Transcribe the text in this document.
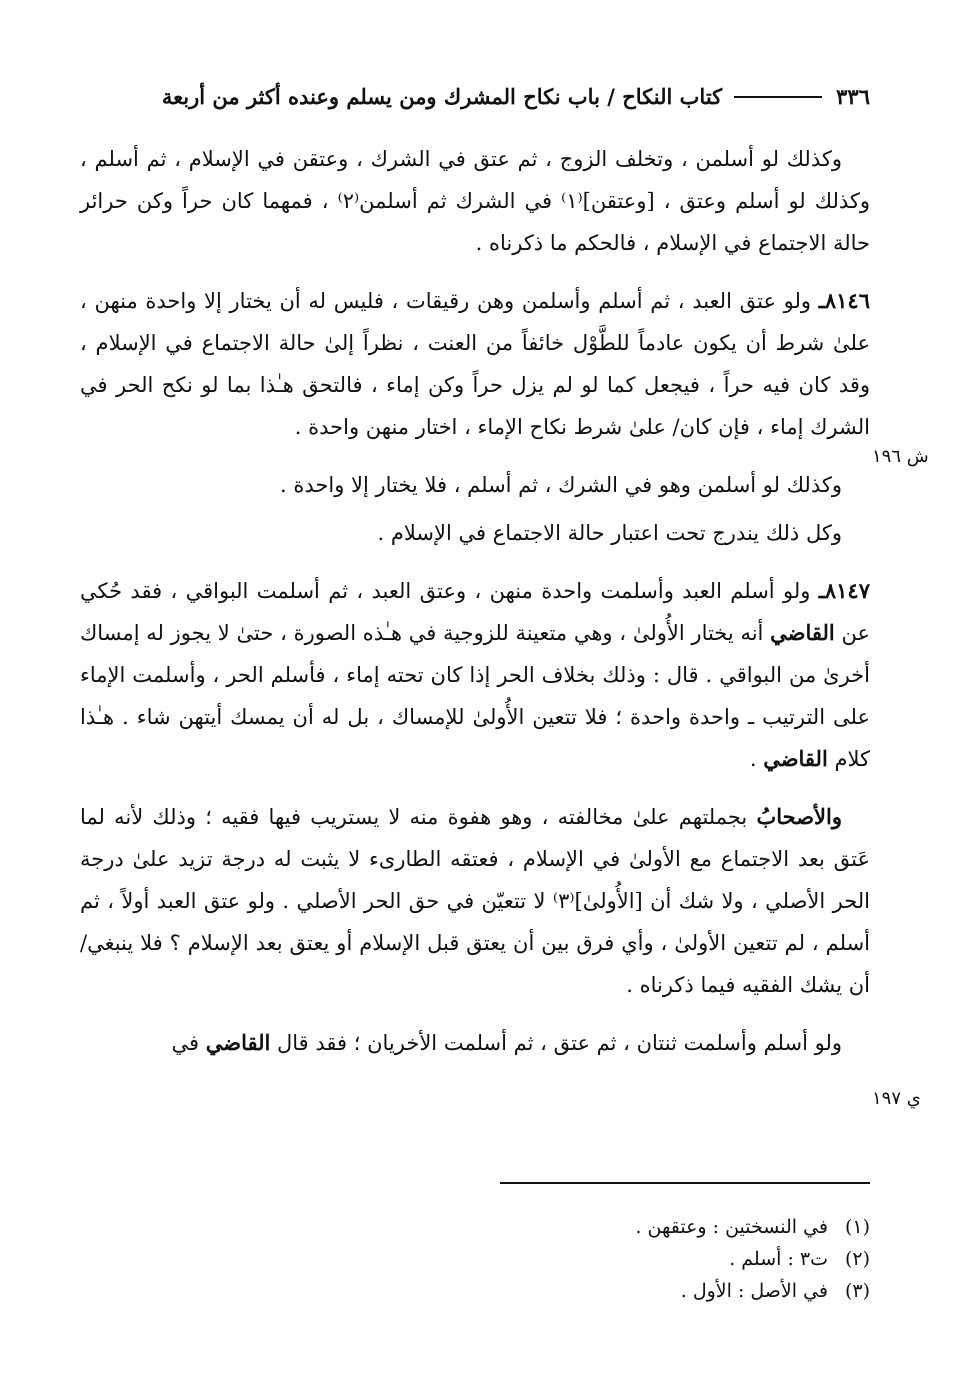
٣٣٦
كتاب النكاح / باب نكاح المشرك ومن يسلم وعنده أكثر من أربعة
ش ١٩٦
ي ١٩٧

وكذلك لو أسلمن ، وتخلف الزوج ، ثم عتق في الشرك ، وعتقن في الإسلام ، ثم أسلم ، وكذلك لو أسلم وعتق ، [وعتقن]⁽١⁾ في الشرك ثم أسلمن⁽٢⁾ ، فمهما كان حراً وكن حرائر حالة الاجتماع في الإسلام ، فالحكم ما ذكرناه .

٨١٤٦ـ ولو عتق العبد ، ثم أسلم وأسلمن وهن رقيقات ، فليس له أن يختار إلا واحدة منهن ، علىٰ شرط أن يكون عادماً للطَّوْل خائفاً من العنت ، نظراً إلىٰ حالة الاجتماع في الإسلام ، وقد كان فيه حراً ، فيجعل كما لو لم يزل حراً وكن إماء ، فالتحق هـٰذا بما لو نكح الحر في الشرك إماء ، فإن كان/ علىٰ شرط نكاح الإماء ، اختار منهن واحدة .

وكذلك لو أسلمن وهو في الشرك ، ثم أسلم ، فلا يختار إلا واحدة .

وكل ذلك يندرج تحت اعتبار حالة الاجتماع في الإسلام .

٨١٤٧ـ ولو أسلم العبد وأسلمت واحدة منهن ، وعتق العبد ، ثم أسلمت البواقي ، فقد حُكي عن القاضي أنه يختار الأُولىٰ ، وهي متعينة للزوجية في هـٰذه الصورة ، حتىٰ لا يجوز له إمساك أخرىٰ من البواقي . قال : وذلك بخلاف الحر إذا كان تحته إماء ، فأسلم الحر ، وأسلمت الإماء على الترتيب ـ واحدة واحدة ؛ فلا تتعين الأُولىٰ للإمساك ، بل له أن يمسك أيتهن شاء . هـٰذا كلام القاضي .

والأصحابُ بجملتهم علىٰ مخالفته ، وهو هفوة منه لا يستريب فيها فقيه ؛ وذلك لأنه لما عَتق بعد الاجتماع مع الأولىٰ في الإسلام ، فعتقه الطارىء لا يثبت له درجة تزيد علىٰ درجة الحر الأصلي ، ولا شك أن [الأُولىٰ]⁽٣⁾ لا تتعيّن في حق الحر الأصلي . ولو عتق العبد أولاً ، ثم أسلم ، لم تتعين الأولىٰ ، وأي فرق بين أن يعتق قبل الإسلام أو يعتق بعد الإسلام ؟ فلا ينبغي/ أن يشك الفقيه فيما ذكرناه .

ولو أسلم وأسلمت ثنتان ، ثم عتق ، ثم أسلمت الأخريان ؛ فقد قال القاضي في

(١)في النسختين : وعتقهن .
(٢)ت٣ : أسلم .
(٣)في الأصل : الأول .
